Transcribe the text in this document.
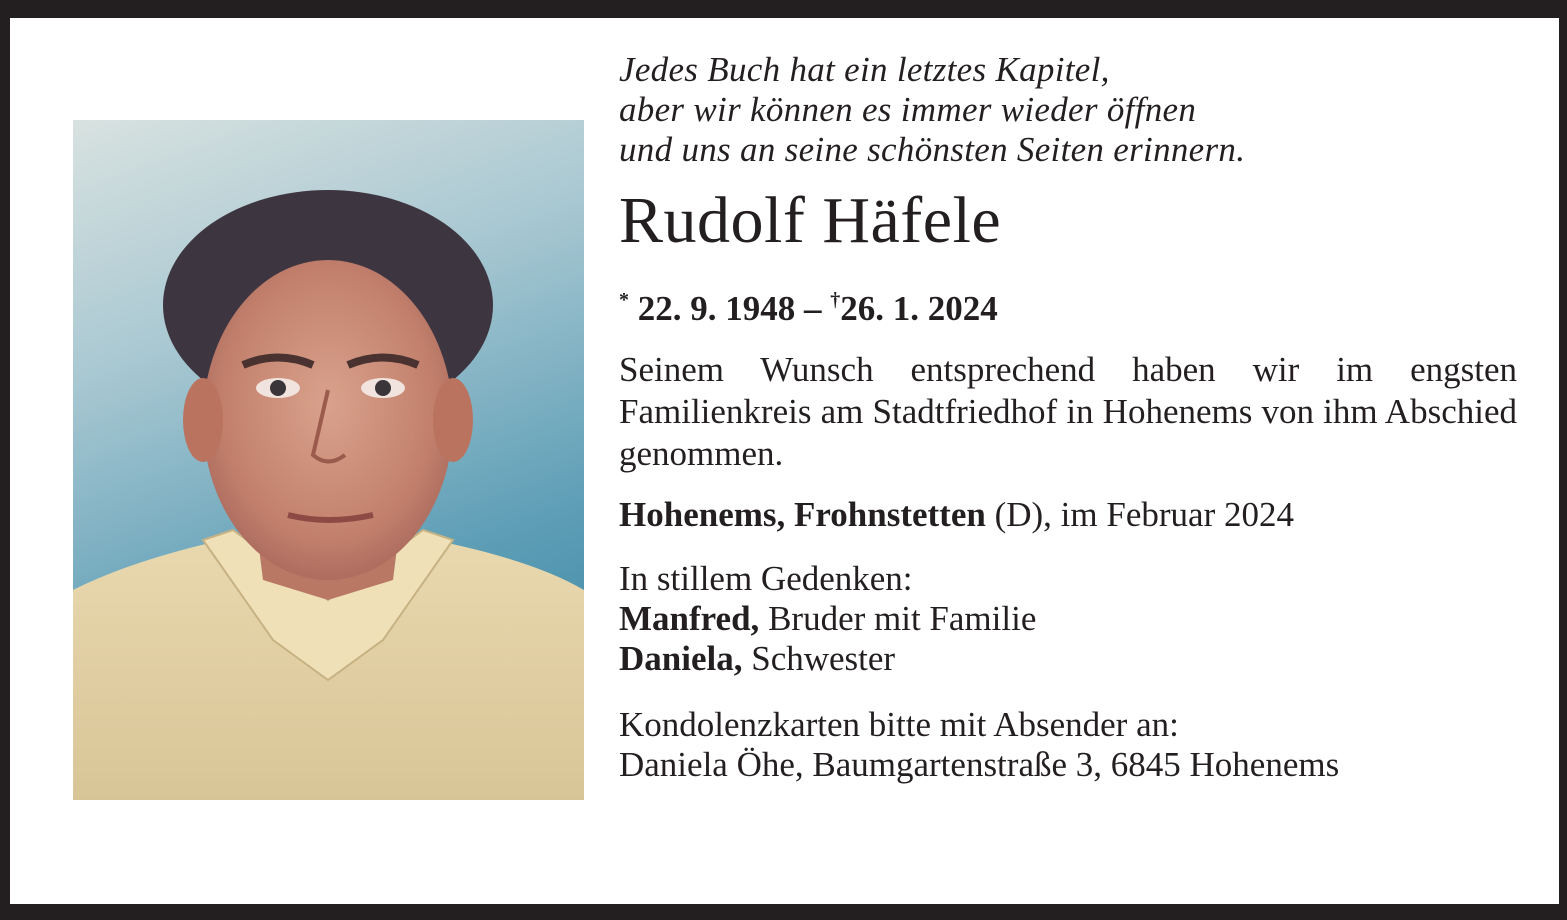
Jedes Buch hat ein letztes Kapitel,
aber wir können es immer wieder öffnen
und uns an seine schönsten Seiten erinnern.
Rudolf Häfele
* 22. 9. 1948 – †26. 1. 2024
Seinem Wunsch entsprechend haben wir im engsten Familienkreis am Stadtfriedhof in Hohenems von ihm Abschied genommen.
Hohenems, Frohnstetten (D), im Februar 2024
In stillem Gedenken:
Manfred, Bruder mit Familie
Daniela, Schwester
Kondolenzkarten bitte mit Absender an:
Daniela Öhe, Baumgartenstraße 3, 6845 Hohenems
